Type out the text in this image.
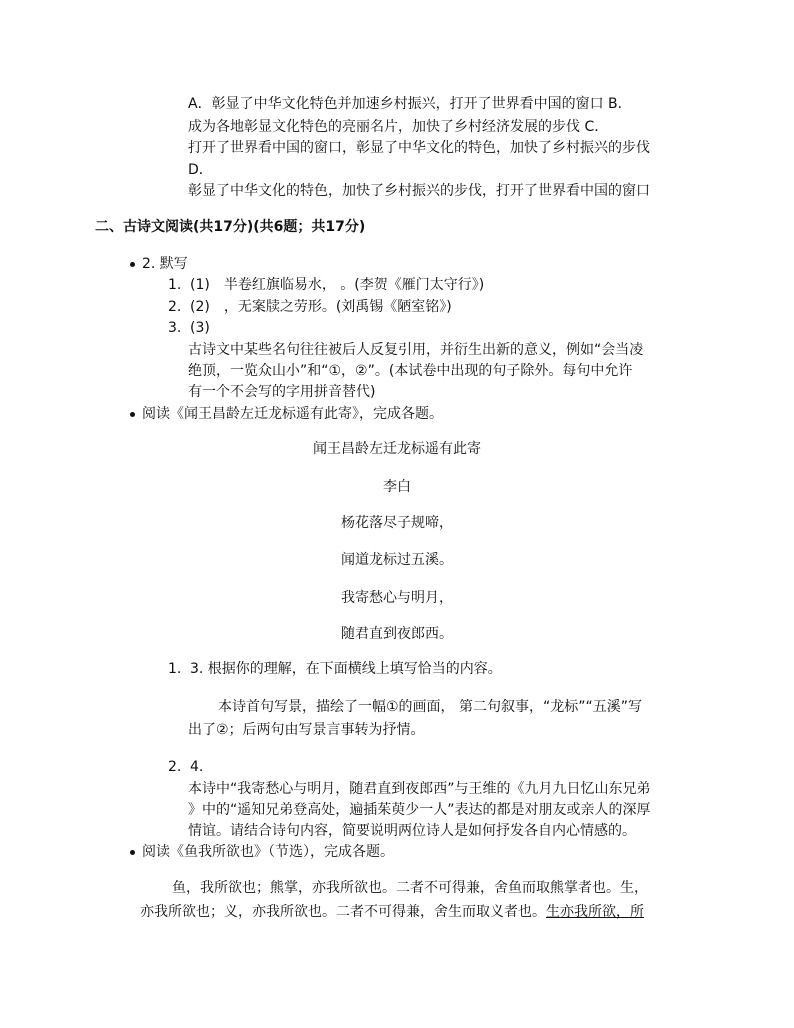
A．彰显了中华文化特色并加速乡村振兴，打开了世界看中国的窗口 B．
成为各地彰显文化特色的亮丽名片，加快了乡村经济发展的步伐 C．
打开了世界看中国的窗口，彰显了中华文化的特色，加快了乡村振兴的步伐
D．
彰显了中华文化的特色，加快了乡村振兴的步伐，打开了世界看中国的窗口
二、古诗文阅读(共17分)(共6题；共17分)
2. 默写
1. (1)　半卷红旗临易水， 。(李贺《雁门太守行》)
2. (2)　，无案牍之劳形。(刘禹锡《陋室铭》)
3. (3)
古诗文中某些名句往往被后人反复引用，并衍生出新的意义，例如“会当凌
绝顶，一览众山小”和“①，②”。(本试卷中出现的句子除外。每句中允许
有一个不会写的字用拼音替代)
阅读《闻王昌龄左迁龙标遥有此寄》，完成各题。
闻王昌龄左迁龙标遥有此寄
李白
杨花落尽子规啼，
闻道龙标过五溪。
我寄愁心与明月，
随君直到夜郎西。
1. 3. 根据你的理解，在下面横线上填写恰当的内容。
本诗首句写景，描绘了一幅①的画面， 第二句叙事，“龙标”“五溪”写
出了②；后两句由写景言事转为抒情。
2. 4.
本诗中“我寄愁心与明月，随君直到夜郎西”与王维的《九月九日忆山东兄弟
》中的“遥知兄弟登高处，遍插茱萸少一人”表达的都是对朋友或亲人的深厚
情谊。请结合诗句内容，简要说明两位诗人是如何抒发各自内心情感的。
阅读《鱼我所欲也》（节选），完成各题。
鱼，我所欲也；熊掌，亦我所欲也。二者不可得兼，舍鱼而取熊掌者也。生，
亦我所欲也；义，亦我所欲也。二者不可得兼，舍生而取义者也。生亦我所欲，所
